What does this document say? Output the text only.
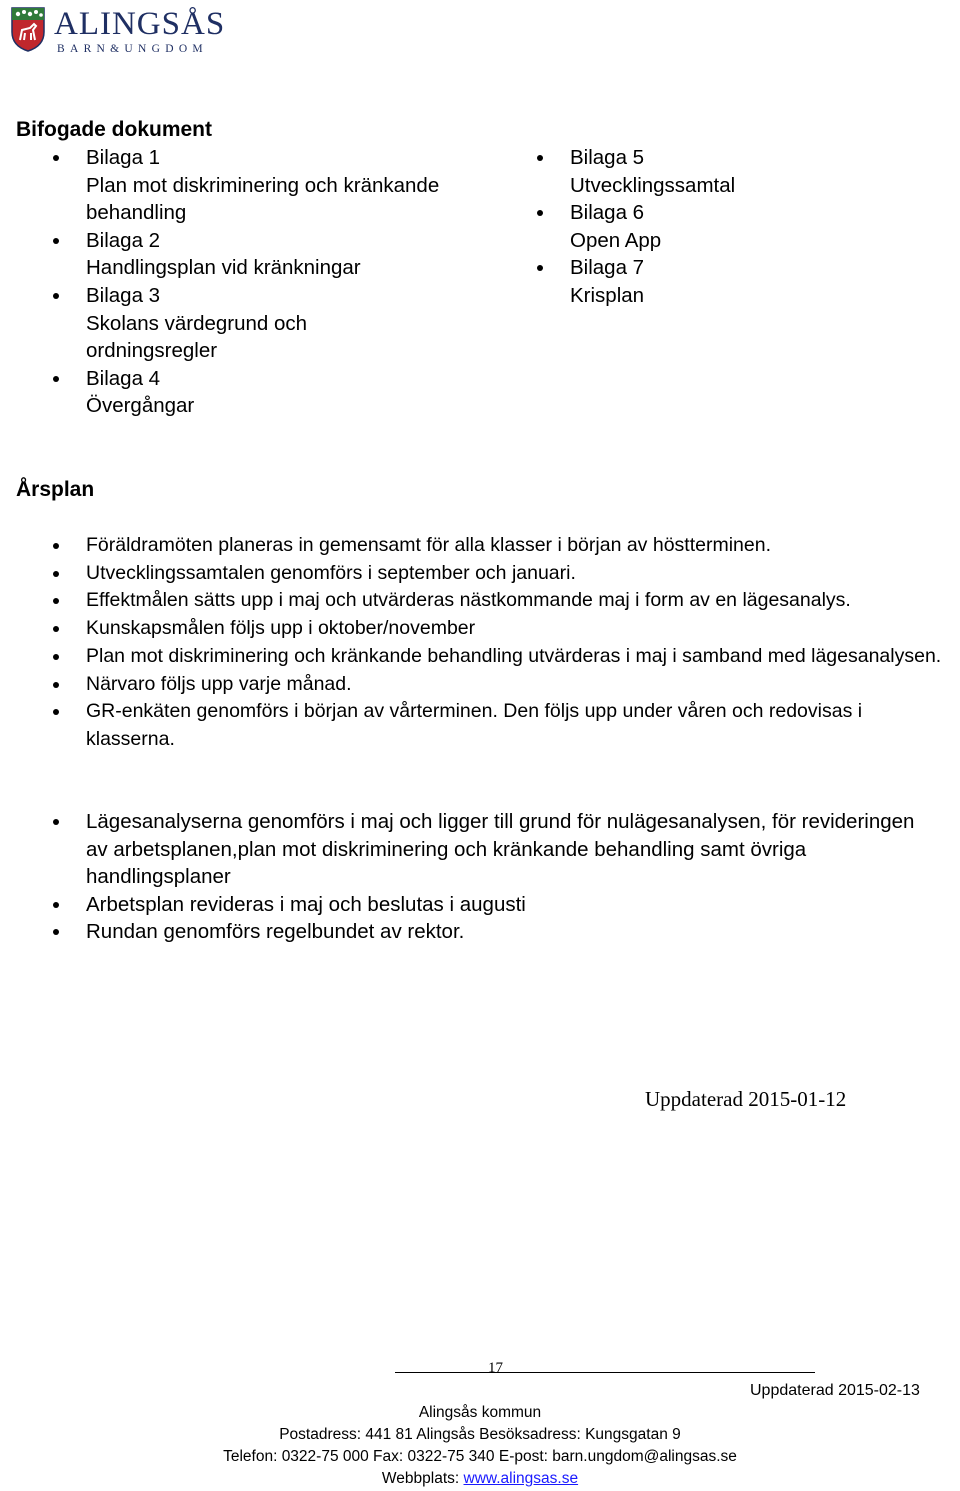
ALINGSÅS
BARN&UNGDOM
Bifogade dokument
Bilaga 1
Plan mot diskriminering och kränkande behandling
Bilaga 2
Handlingsplan vid kränkningar
Bilaga 3
Skolans värdegrund och ordningsregler
Bilaga 4
Övergångar
Bilaga 5
Utvecklingssamtal
Bilaga 6
Open App
Bilaga 7
Krisplan
Årsplan
Föräldramöten planeras in gemensamt för alla klasser i början av höstterminen.
Utvecklingssamtalen genomförs i september och januari.
Effektmålen sätts upp i maj och utvärderas nästkommande maj i form av en lägesanalys.
Kunskapsmålen följs upp i oktober/november
Plan mot diskriminering och kränkande behandling utvärderas i maj i samband med lägesanalysen.
Närvaro följs upp varje månad.
GR-enkäten genomförs i början av vårterminen. Den följs upp under våren och redovisas i klasserna.
Lägesanalyserna genomförs i maj och ligger till grund för nulägesanalysen, för revideringen av arbetsplanen,plan mot diskriminering och kränkande behandling samt övriga handlingsplaner
Arbetsplan revideras i maj och beslutas i augusti
Rundan genomförs regelbundet av rektor.
Uppdaterad 2015-01-12
17
Uppdaterad 2015-02-13
Alingsås kommun
Postadress: 441 81 Alingsås Besöksadress: Kungsgatan 9
Telefon: 0322-75 000 Fax: 0322-75 340 E-post: barn.ungdom@alingsas.se
Webbplats: www.alingsas.se
